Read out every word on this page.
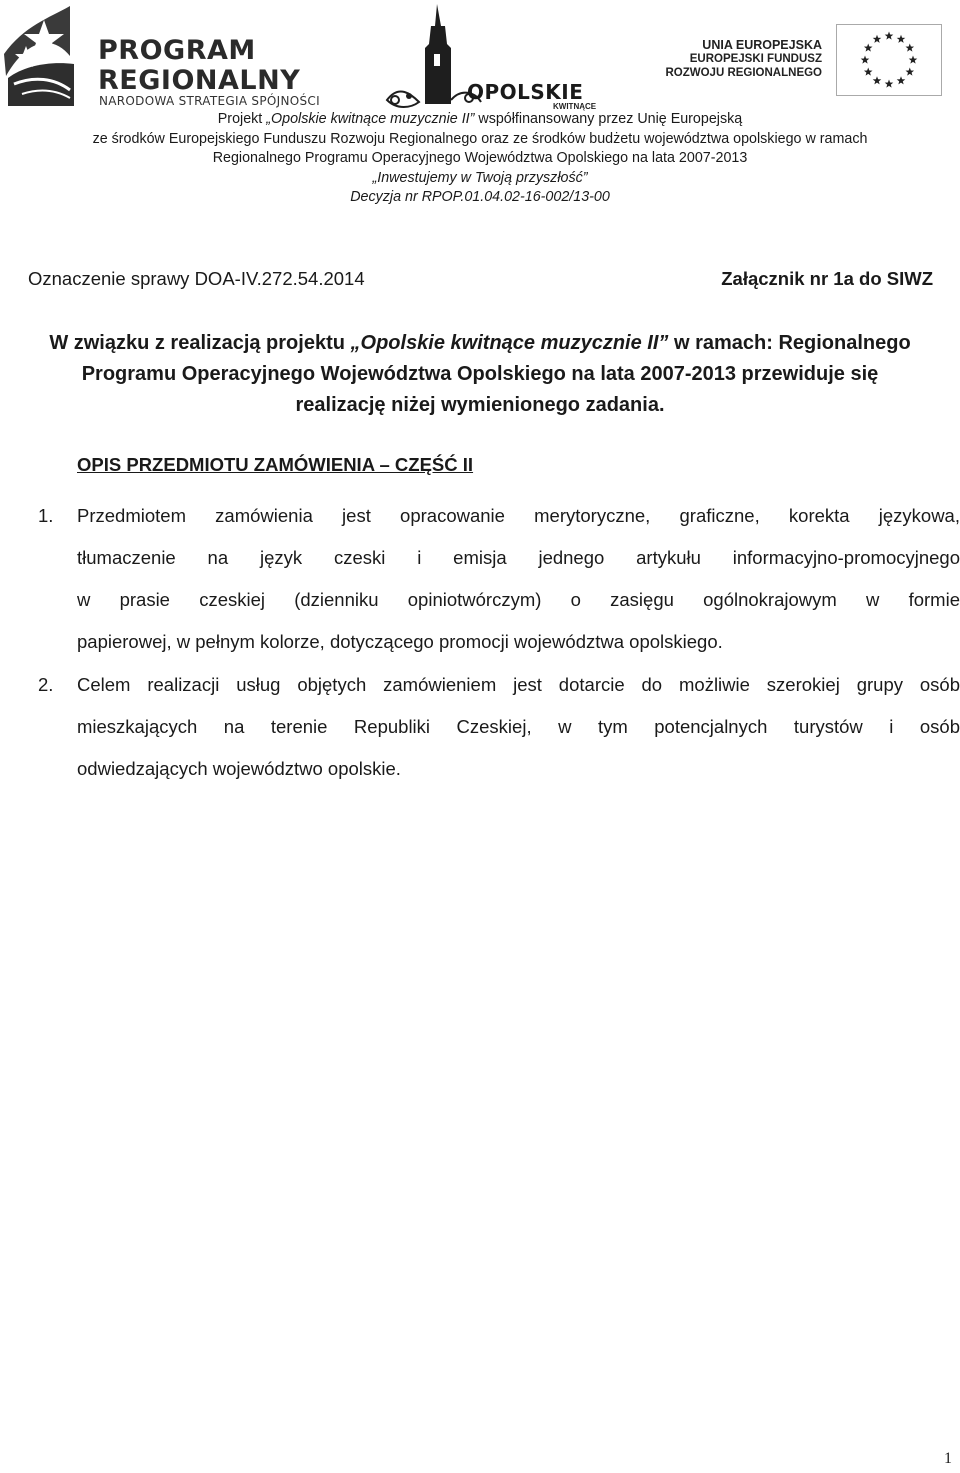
PROGRAM
REGIONALNY
NARODOWA STRATEGIA SPÓJNOŚCI	OPOLSKIE
KWITNĄCE
UNIA EUROPEJSKA
EUROPEJSKI FUNDUSZ
ROZWOJU REGIONALNEGO
Projekt „Opolskie kwitnące muzycznie II” współfinansowany przez Unię Europejską
ze środków Europejskiego Funduszu Rozwoju Regionalnego oraz ze środków budżetu województwa opolskiego w ramach
Regionalnego Programu Operacyjnego Województwa Opolskiego na lata 2007-2013
„Inwestujemy w Twoją przyszłość”
Decyzja nr RPOP.01.04.02-16-002/13-00
Oznaczenie sprawy DOA-IV.272.54.2014	Załącznik nr 1a do SIWZ
W związku z realizacją projektu „Opolskie kwitnące muzycznie II” w ramach: Regionalnego
Programu Operacyjnego Województwa Opolskiego na lata 2007-2013 przewiduje się
realizację niżej wymienionego zadania.
OPIS PRZEDMIOTU ZAMÓWIENIA – CZĘŚĆ II
1. Przedmiotem zamówienia jest opracowanie merytoryczne, graficzne, korekta językowa,
tłumaczenie na język czeski i emisja jednego artykułu informacyjno-promocyjnego
w prasie czeskiej (dzienniku opiniotwórczym) o zasięgu ogólnokrajowym w formie
papierowej, w pełnym kolorze, dotyczącego promocji województwa opolskiego.
2. Celem realizacji usług objętych zamówieniem jest dotarcie do możliwie szerokiej grupy osób
mieszkających na terenie Republiki Czeskiej, w tym potencjalnych turystów i osób
odwiedzających województwo opolskie.
1
